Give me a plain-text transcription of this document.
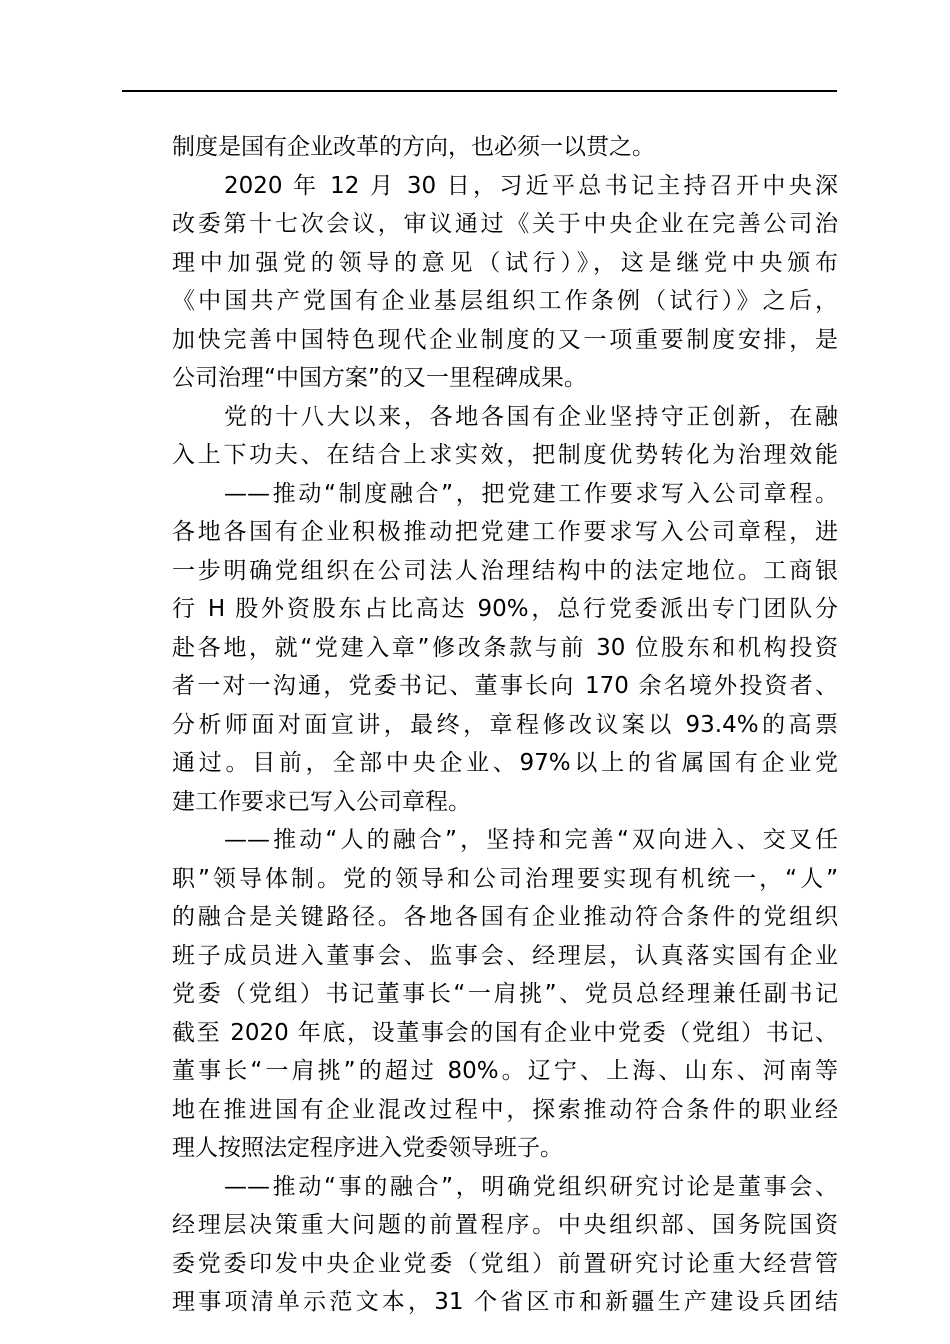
制度是国有企业改革的方向，也必须一以贯之。
2020 年 12 月 30 日，习近平总书记主持召开中央深
改委第十七次会议，审议通过《关于中央企业在完善公司治
理中加强党的领导的意见（试行）》，这是继党中央颁布
《中国共产党国有企业基层组织工作条例（试行）》之后，
加快完善中国特色现代企业制度的又一项重要制度安排，是
公司治理“中国方案”的又一里程碑成果。
党的十八大以来，各地各国有企业坚持守正创新，在融
入上下功夫、在结合上求实效，把制度优势转化为治理效能
——推动“制度融合”，把党建工作要求写入公司章程。
各地各国有企业积极推动把党建工作要求写入公司章程，进
一步明确党组织在公司法人治理结构中的法定地位。工商银
行 H 股外资股东占比高达 90%，总行党委派出专门团队分
赴各地，就“党建入章”修改条款与前 30 位股东和机构投资
者一对一沟通，党委书记、董事长向 170 余名境外投资者、
分析师面对面宣讲，最终，章程修改议案以 93.4%的高票
通过。目前，全部中央企业、97%以上的省属国有企业党
建工作要求已写入公司章程。
——推动“人的融合”，坚持和完善“双向进入、交叉任
职”领导体制。党的领导和公司治理要实现有机统一，“人”
的融合是关键路径。各地各国有企业推动符合条件的党组织
班子成员进入董事会、监事会、经理层，认真落实国有企业
党委（党组）书记董事长“一肩挑”、党员总经理兼任副书记
截至 2020 年底，设董事会的国有企业中党委（党组）书记、
董事长“一肩挑”的超过 80%。辽宁、上海、山东、河南等
地在推进国有企业混改过程中，探索推动符合条件的职业经
理人按照法定程序进入党委领导班子。
——推动“事的融合”，明确党组织研究讨论是董事会、
经理层决策重大问题的前置程序。中央组织部、国务院国资
委党委印发中央企业党委（党组）前置研究讨论重大经营管
理事项清单示范文本，31 个省区市和新疆生产建设兵团结
